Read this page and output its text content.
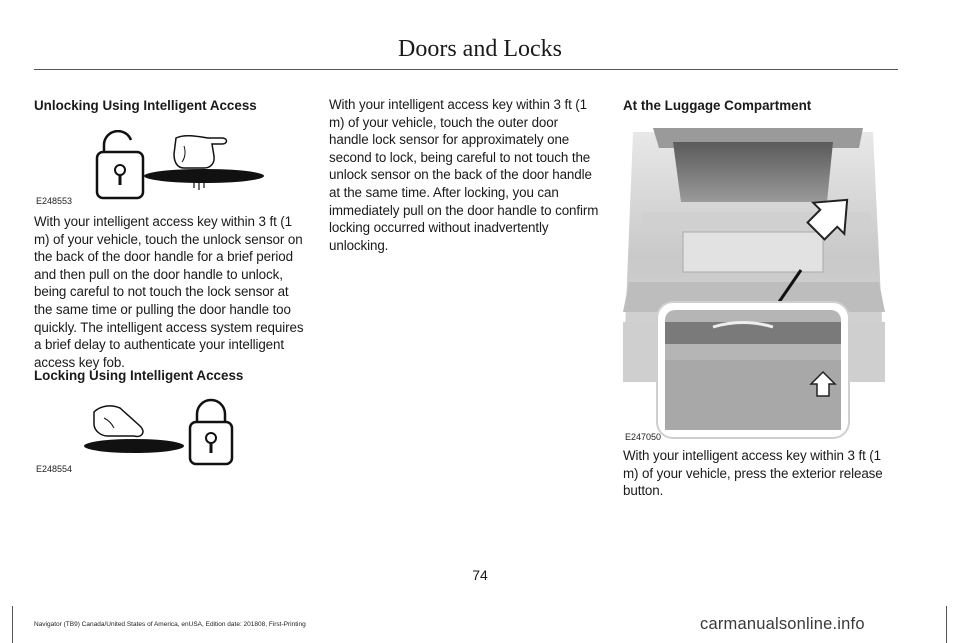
Doors and Locks
Unlocking Using Intelligent Access
E248553
With your intelligent access key within 3 ft (1 m) of your vehicle, touch the unlock sensor on the back of the door handle for a brief period and then pull on the door handle to unlock, being careful to not touch the lock sensor at the same time or pulling the door handle too quickly. The intelligent access system requires a brief delay to authenticate your intelligent access key fob.
Locking Using Intelligent Access
E248554
With your intelligent access key within 3 ft (1 m) of your vehicle, touch the outer door handle lock sensor for approximately one second to lock, being careful to not touch the unlock sensor on the back of the door handle at the same time. After locking, you can immediately pull on the door handle to confirm locking occurred without inadvertently unlocking.
At the Luggage Compartment
E247050
With your intelligent access key within 3 ft (1 m) of your vehicle, press the exterior release button.
74
Navigator (TB9) Canada/United States of America, enUSA, Edition date: 201808, First-Printing	carmanualsonline.info
